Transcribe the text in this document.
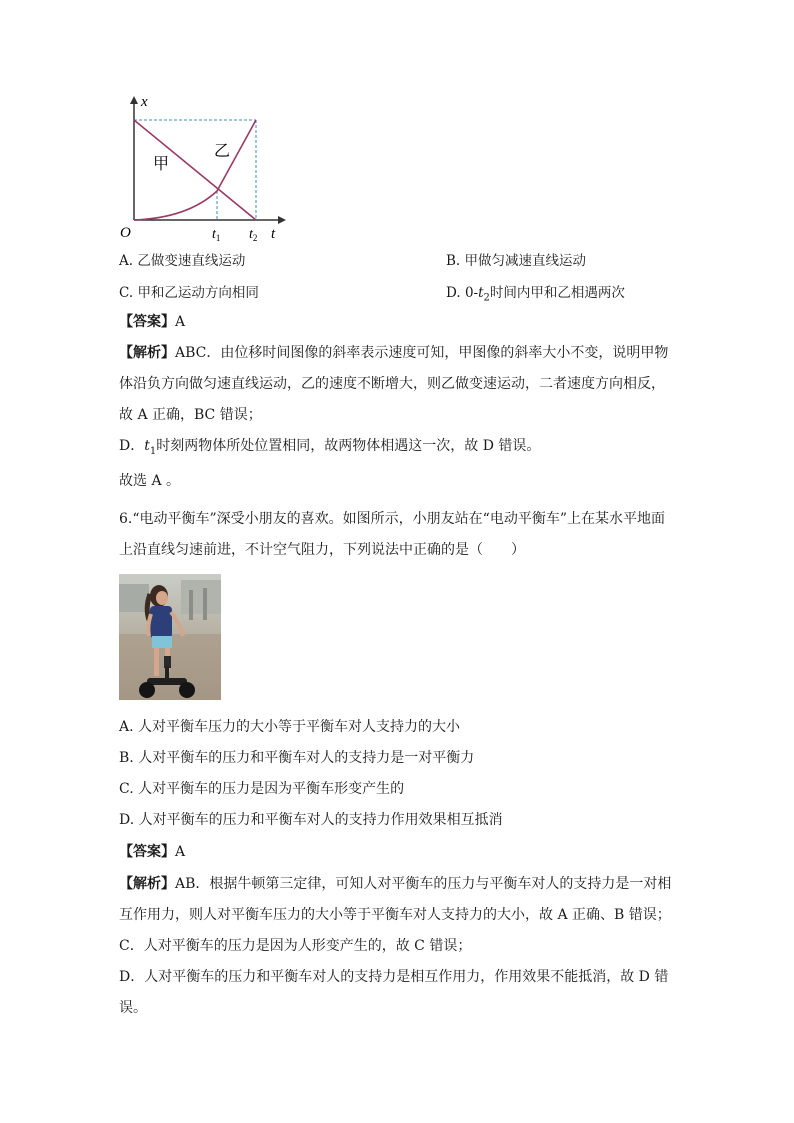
x
t
O	$t_1$ $t_2$
甲
乙
A. 乙做变速直线运动	B. 甲做匀减速直线运动
C. 甲和乙运动方向相同	D. $0-t_2$时间内甲和乙相遇两次
【答案】A
【解析】ABC．由位移时间图像的斜率表示速度可知，甲图像的斜率大小不变，说明甲物
体沿负方向做匀速直线运动，乙的速度不断增大，则乙做变速运动，二者速度方向相反，
故 A 正确，BC 错误；
D．$t_1$时刻两物体所处位置相同，故两物体相遇这一次，故 D 错误。
故选 A 。
6.“电动平衡车”深受小朋友的喜欢。如图所示，小朋友站在“电动平衡车”上在某水平地面
上沿直线匀速前进，不计空气阻力，下列说法中正确的是（　　）
A. 人对平衡车压力的大小等于平衡车对人支持力的大小
B. 人对平衡车的压力和平衡车对人的支持力是一对平衡力
C. 人对平衡车的压力是因为平衡车形变产生的
D. 人对平衡车的压力和平衡车对人的支持力作用效果相互抵消
【答案】A
【解析】AB．根据牛顿第三定律，可知人对平衡车的压力与平衡车对人的支持力是一对相
互作用力，则人对平衡车压力的大小等于平衡车对人支持力的大小，故 A 正确、B 错误；
C．人对平衡车的压力是因为人形变产生的，故 C 错误；
D．人对平衡车的压力和平衡车对人的支持力是相互作用力，作用效果不能抵消，故 D 错
误。
